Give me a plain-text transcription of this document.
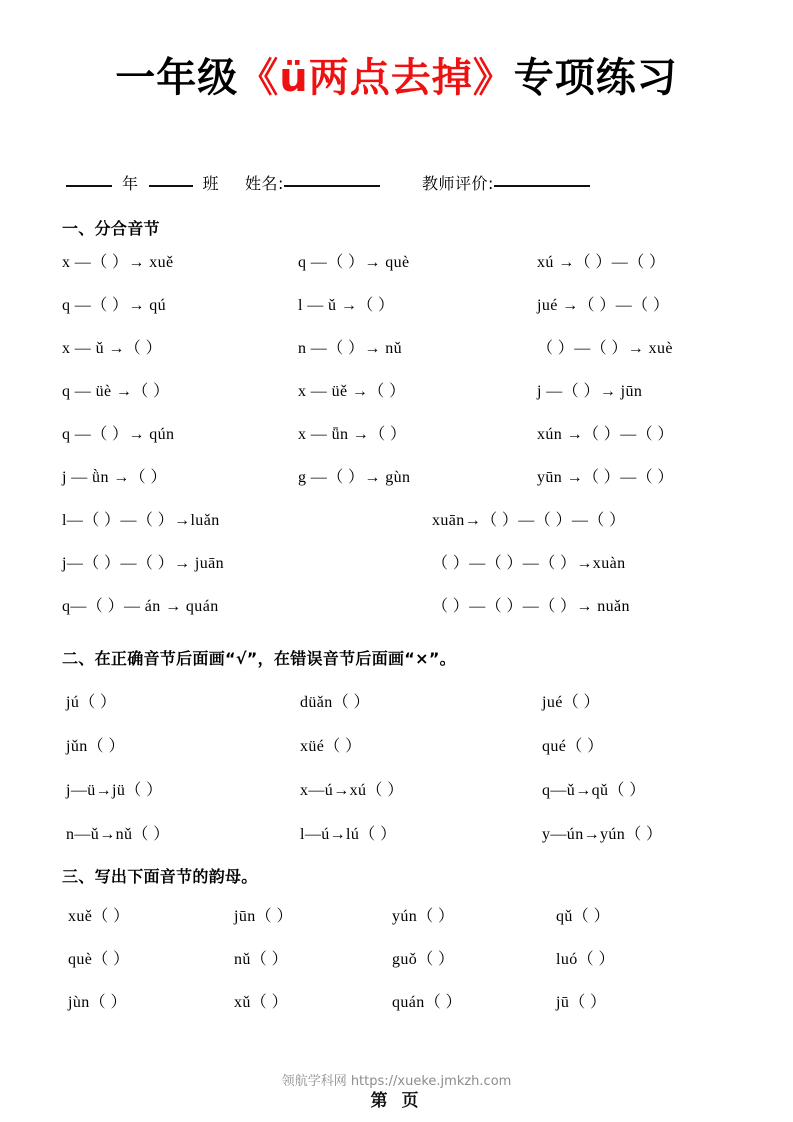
一年级《ü两点去掉》专项练习
年	班 姓名:	教师评价:
一、分合音节
x —（ ）→ xuě	q —（ ）→ què	xú →（ ）—（ ）
q —（ ）→ qú	l — ǔ →（ ）	jué →（ ）—（ ）
x — ǔ →（ ）	n —（ ）→ nǔ	（ ）—（ ）→ xuè
q — üè →（ ）	x — üě →（ ）	j —（ ）→ jūn
q —（ ）→ qún	x — ǖn →（ ）	xún →（ ）—（ ）
j — ǜn →（ ）	g —（ ）→ gùn	yūn →（ ）—（ ）
l—（ ）—（ ）→luǎn	xuān→（ ）—（ ）—（ ）
j—（ ）—（ ）→ juān	（ ）—（ ）—（ ）→xuàn
q—（ ）— án → quán	（ ）—（ ）—（ ）→ nuǎn
二、在正确音节后面画“√”，在错误音节后面画“×”。
jú（ ）	düǎn（ ）	jué（ ）
jǔn（ ）	xüé（ ）	qué（ ）
j—ü→jü（ ）	x—ú→xú（ ）	q—ǔ→qǔ（ ）
n—ǔ→nǔ（ ）	l—ú→lú（ ）	y—ún→yún（ ）
三、写出下面音节的韵母。
xuě（ ）	jūn（ ）	yún（ ）	qǔ（ ）
què（ ）	nǔ（ ）	guǒ（ ）	luó（ ）
jùn（ ）	xǔ（ ）	quán（ ）	jū（ ）
领航学科网 https://xueke.jmkzh.com
第 页
